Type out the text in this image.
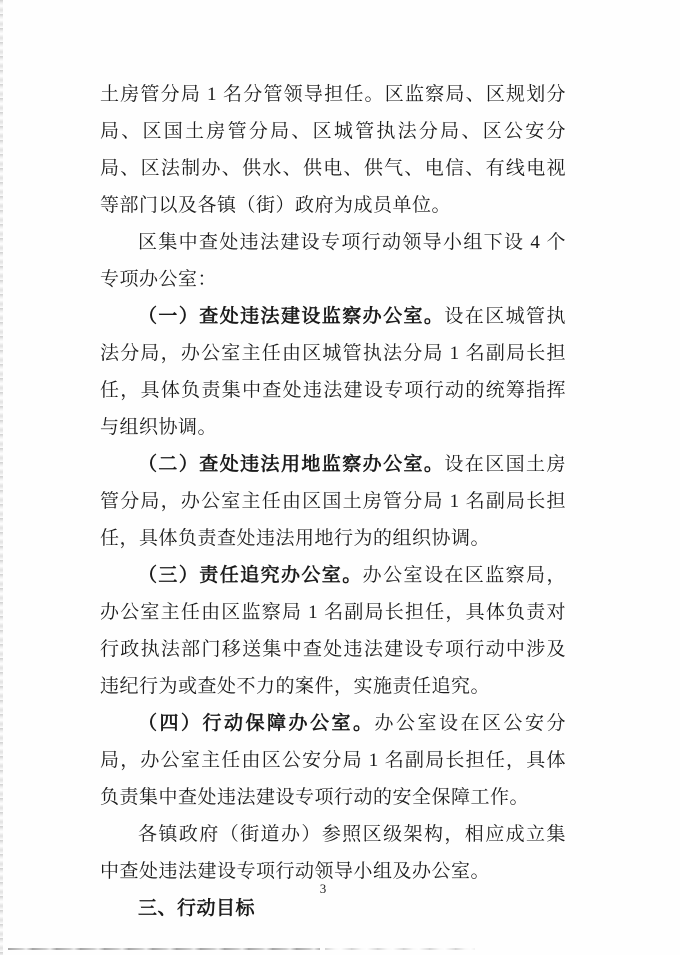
土房管分局 1 名分管领导担任。区监察局、区规划分局、区国土房管分局、区城管执法分局、区公安分局、区法制办、供水、供电、供气、电信、有线电视等部门以及各镇（街）政府为成员单位。

区集中查处违法建设专项行动领导小组下设 4 个专项办公室：

（一）查处违法建设监察办公室。设在区城管执法分局，办公室主任由区城管执法分局 1 名副局长担任，具体负责集中查处违法建设专项行动的统筹指挥与组织协调。

（二）查处违法用地监察办公室。设在区国土房管分局，办公室主任由区国土房管分局 1 名副局长担任，具体负责查处违法用地行为的组织协调。

（三）责任追究办公室。办公室设在区监察局，办公室主任由区监察局 1 名副局长担任，具体负责对行政执法部门移送集中查处违法建设专项行动中涉及违纪行为或查处不力的案件，实施责任追究。

（四）行动保障办公室。办公室设在区公安分局，办公室主任由区公安分局 1 名副局长担任，具体负责集中查处违法建设专项行动的安全保障工作。

各镇政府（街道办）参照区级架构，相应成立集中查处违法建设专项行动领导小组及办公室。

三、行动目标

3
